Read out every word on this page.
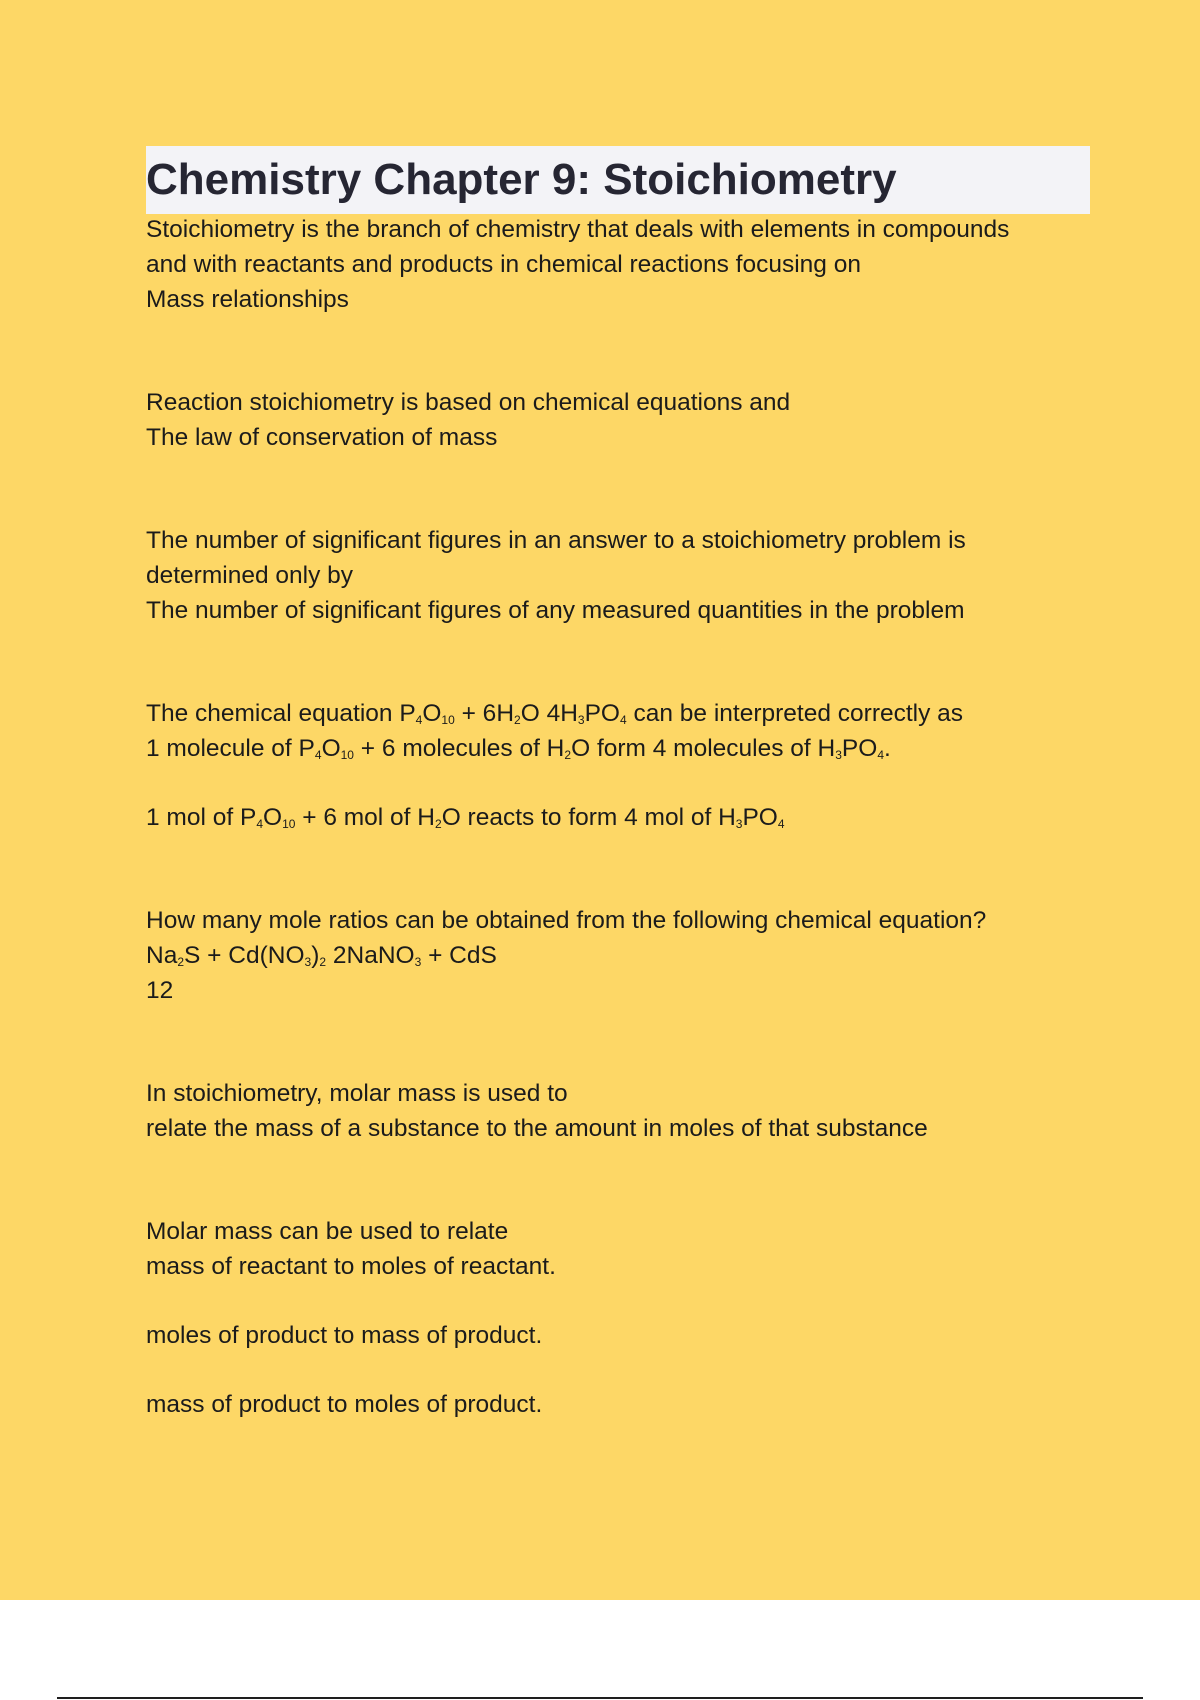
Chemistry Chapter 9: Stoichiometry

Stoichiometry is the branch of chemistry that deals with elements in compounds

and with reactants and products in chemical reactions focusing on

Mass relationships

Reaction stoichiometry is based on chemical equations and

The law of conservation of mass

The number of significant figures in an answer to a stoichiometry problem is

determined only by

The number of significant figures of any measured quantities in the problem

The chemical equation $P_4O_{10} + 6H_2O$ $4H_3PO_4$ can be interpreted correctly as

1 molecule of $P_4O_{10} + 6$ molecules of $H_2O$ form 4 molecules of $H_3PO_4$.

1 mol of $P_4O_{10} + 6$ mol of $H_2O$ reacts to form 4 mol of $H_3PO_4$

How many mole ratios can be obtained from the following chemical equation?

$Na_2S + Cd(NO_3)_2$ 2NaNO$_3$ + CdS

12

In stoichiometry, molar mass is used to

relate the mass of a substance to the amount in moles of that substance

Molar mass can be used to relate

mass of reactant to moles of reactant.

moles of product to mass of product.

mass of product to moles of product.
